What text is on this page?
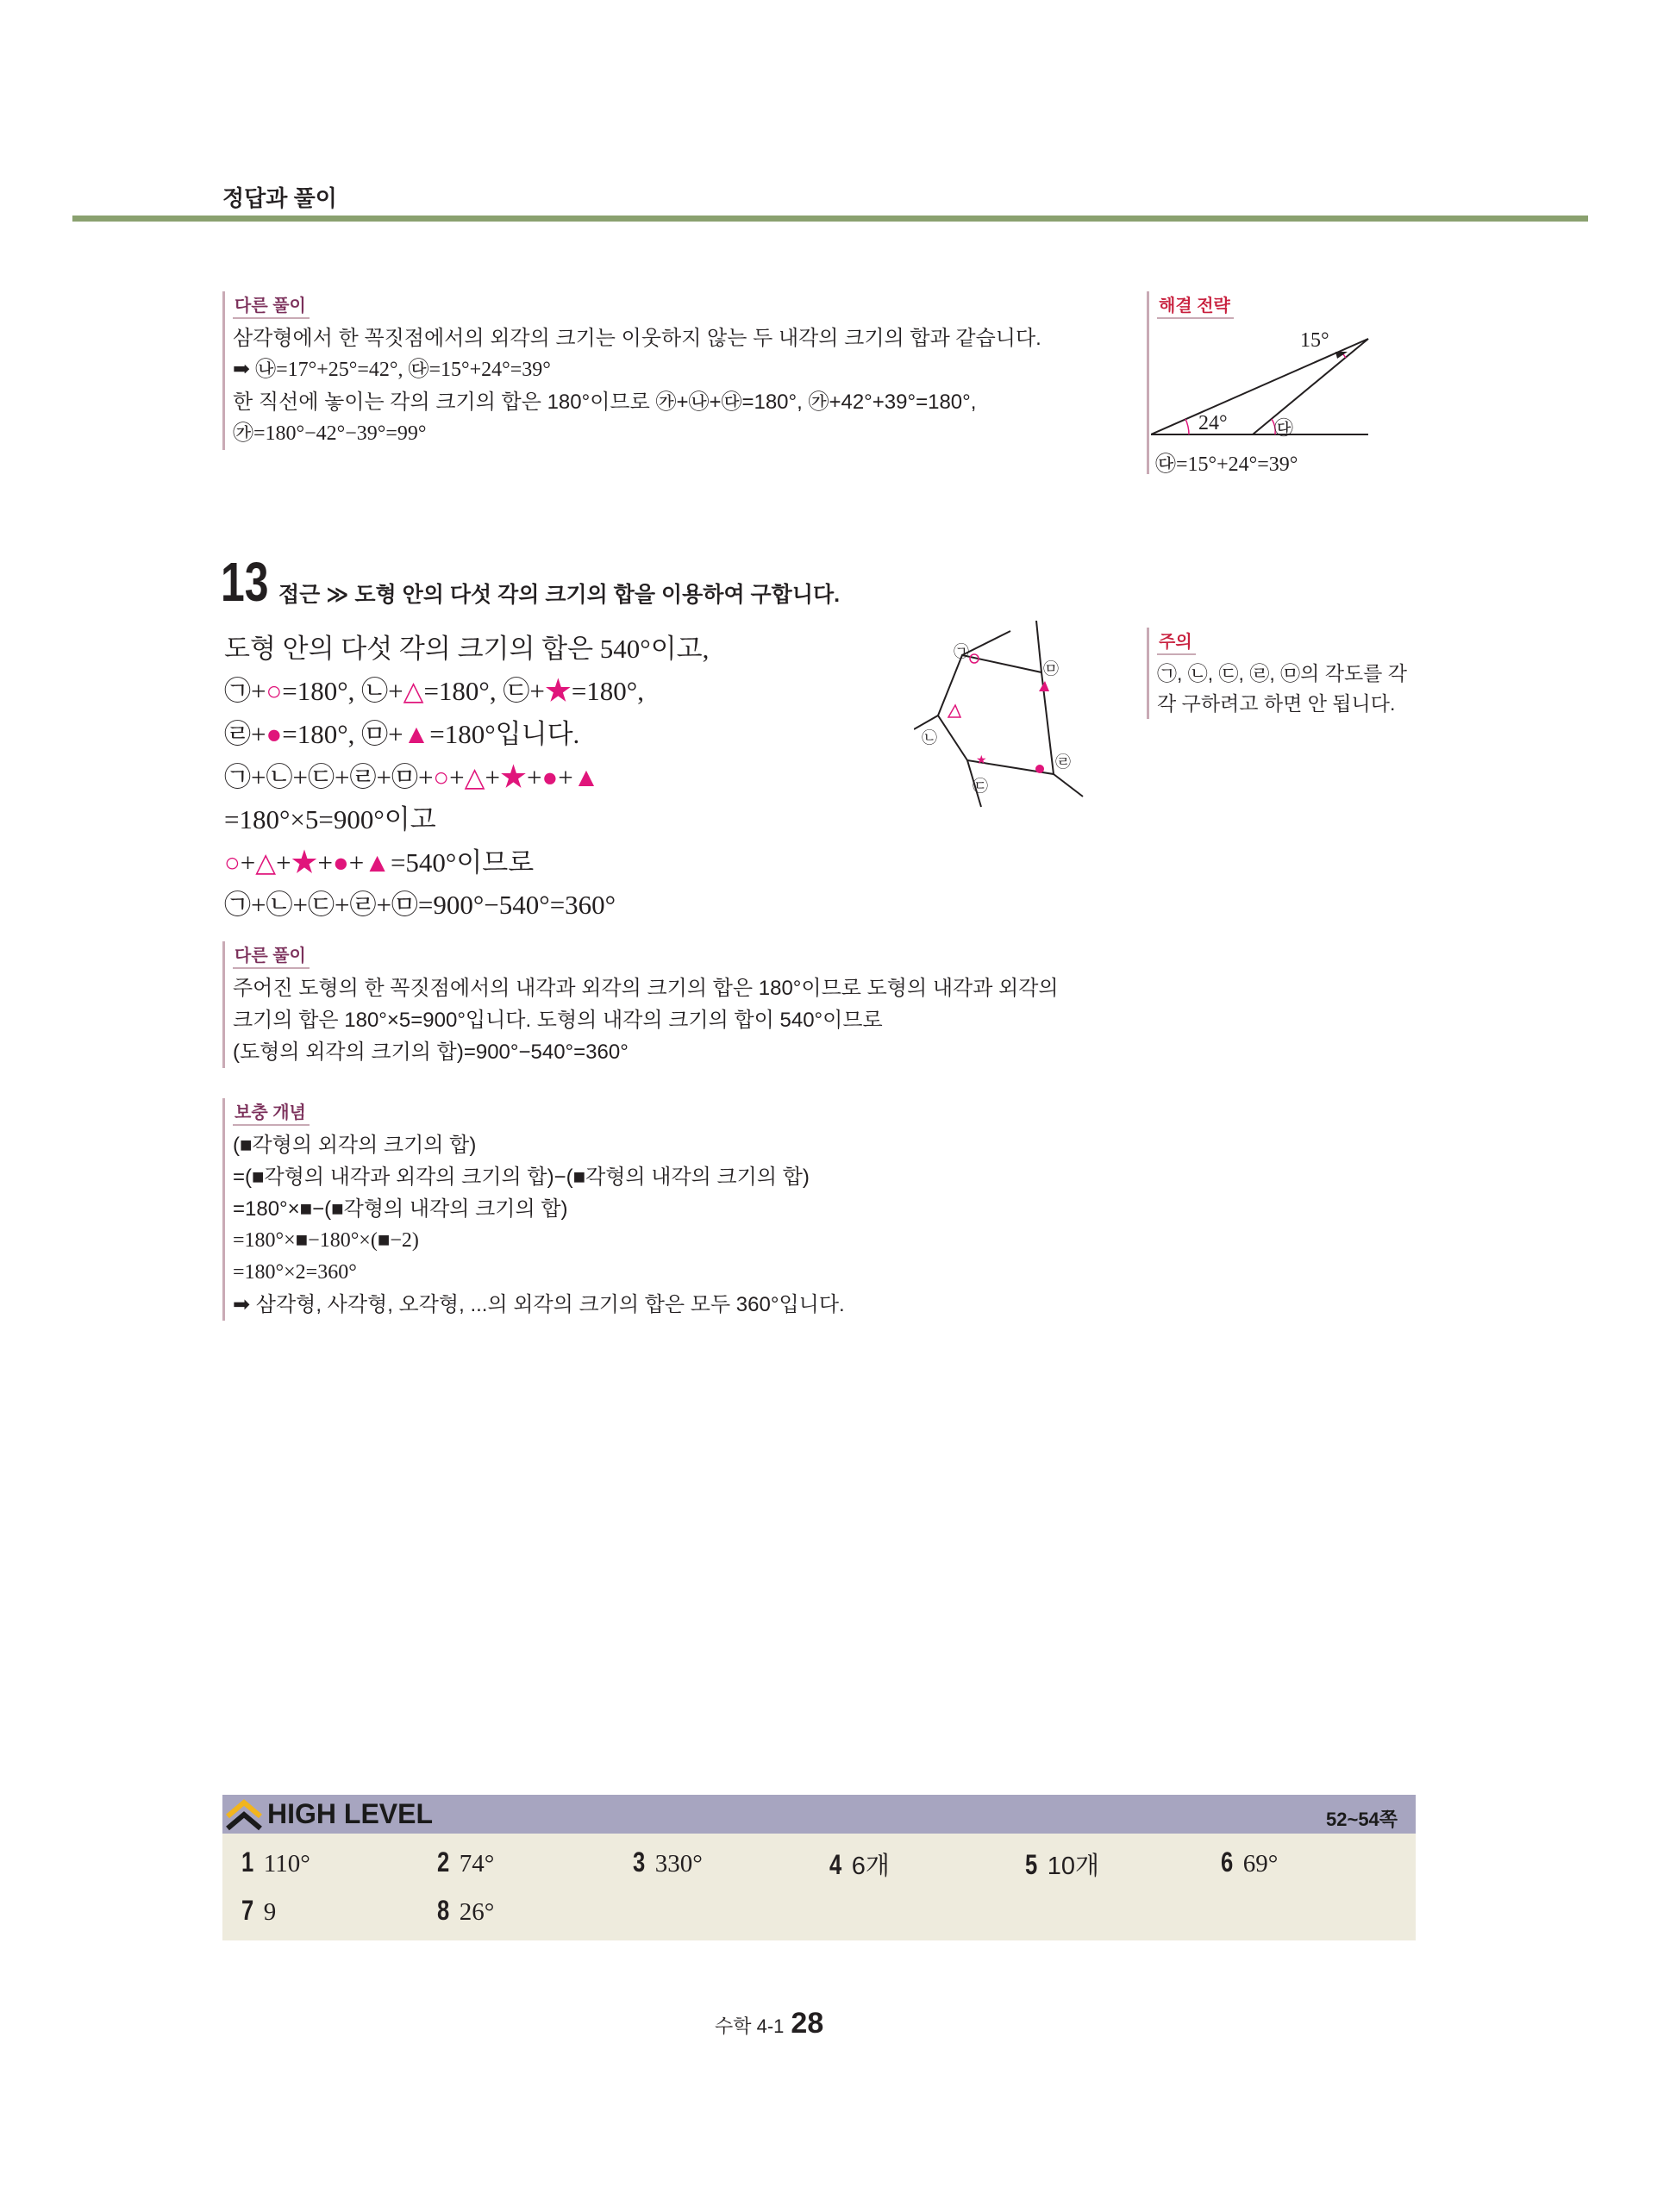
정답과 풀이
다른 풀이
삼각형에서 한 꼭짓점에서의 외각의 크기는 이웃하지 않는 두 내각의 크기의 합과 같습니다.
➡ ㉯=17°+25°=42°, ㉰=15°+24°=39°
한 직선에 놓이는 각의 크기의 합은 180°이므로 ㉮+㉯+㉰=180°, ㉮+42°+39°=180°,
㉮=180°−42°−39°=99°
해결 전략
15°
24° ㉰
㉰=15°+24°=39°
13 접근 ≫ 도형 안의 다섯 각의 크기의 합을 이용하여 구합니다.
도형 안의 다섯 각의 크기의 합은 540°이고,
㉠+○=180°, ㉡+△=180°, ㉢+★=180°,
㉣+●=180°, ㉤+▲=180°입니다.
㉠+㉡+㉢+㉣+㉤+○+△+★+●+▲
=180°×5=900°이고
○+△+★+●+▲=540°이므로
㉠+㉡+㉢+㉣+㉤=900°−540°=360°
★
㉠
㉡
㉢
㉣
㉤
주의
㉠, ㉡, ㉢, ㉣, ㉤의 각도를 각
각 구하려고 하면 안 됩니다.
다른 풀이
주어진 도형의 한 꼭짓점에서의 내각과 외각의 크기의 합은 180°이므로 도형의 내각과 외각의
크기의 합은 180°×5=900°입니다. 도형의 내각의 크기의 합이 540°이므로
(도형의 외각의 크기의 합)=900°−540°=360°
보충 개념
(■각형의 외각의 크기의 합)
=(■각형의 내각과 외각의 크기의 합)−(■각형의 내각의 크기의 합)
=180°×■−(■각형의 내각의 크기의 합)
=180°×■−180°×(■−2)
=180°×2=360°
➡ 삼각형, 사각형, 오각형, ...의 외각의 크기의 합은 모두 360°입니다.
HIGH LEVEL	52~54쪽
1 110°	2 74°	3 330°	4 6개	5 10개	6 69°
7 9	8 26°
수학 4-1 28
